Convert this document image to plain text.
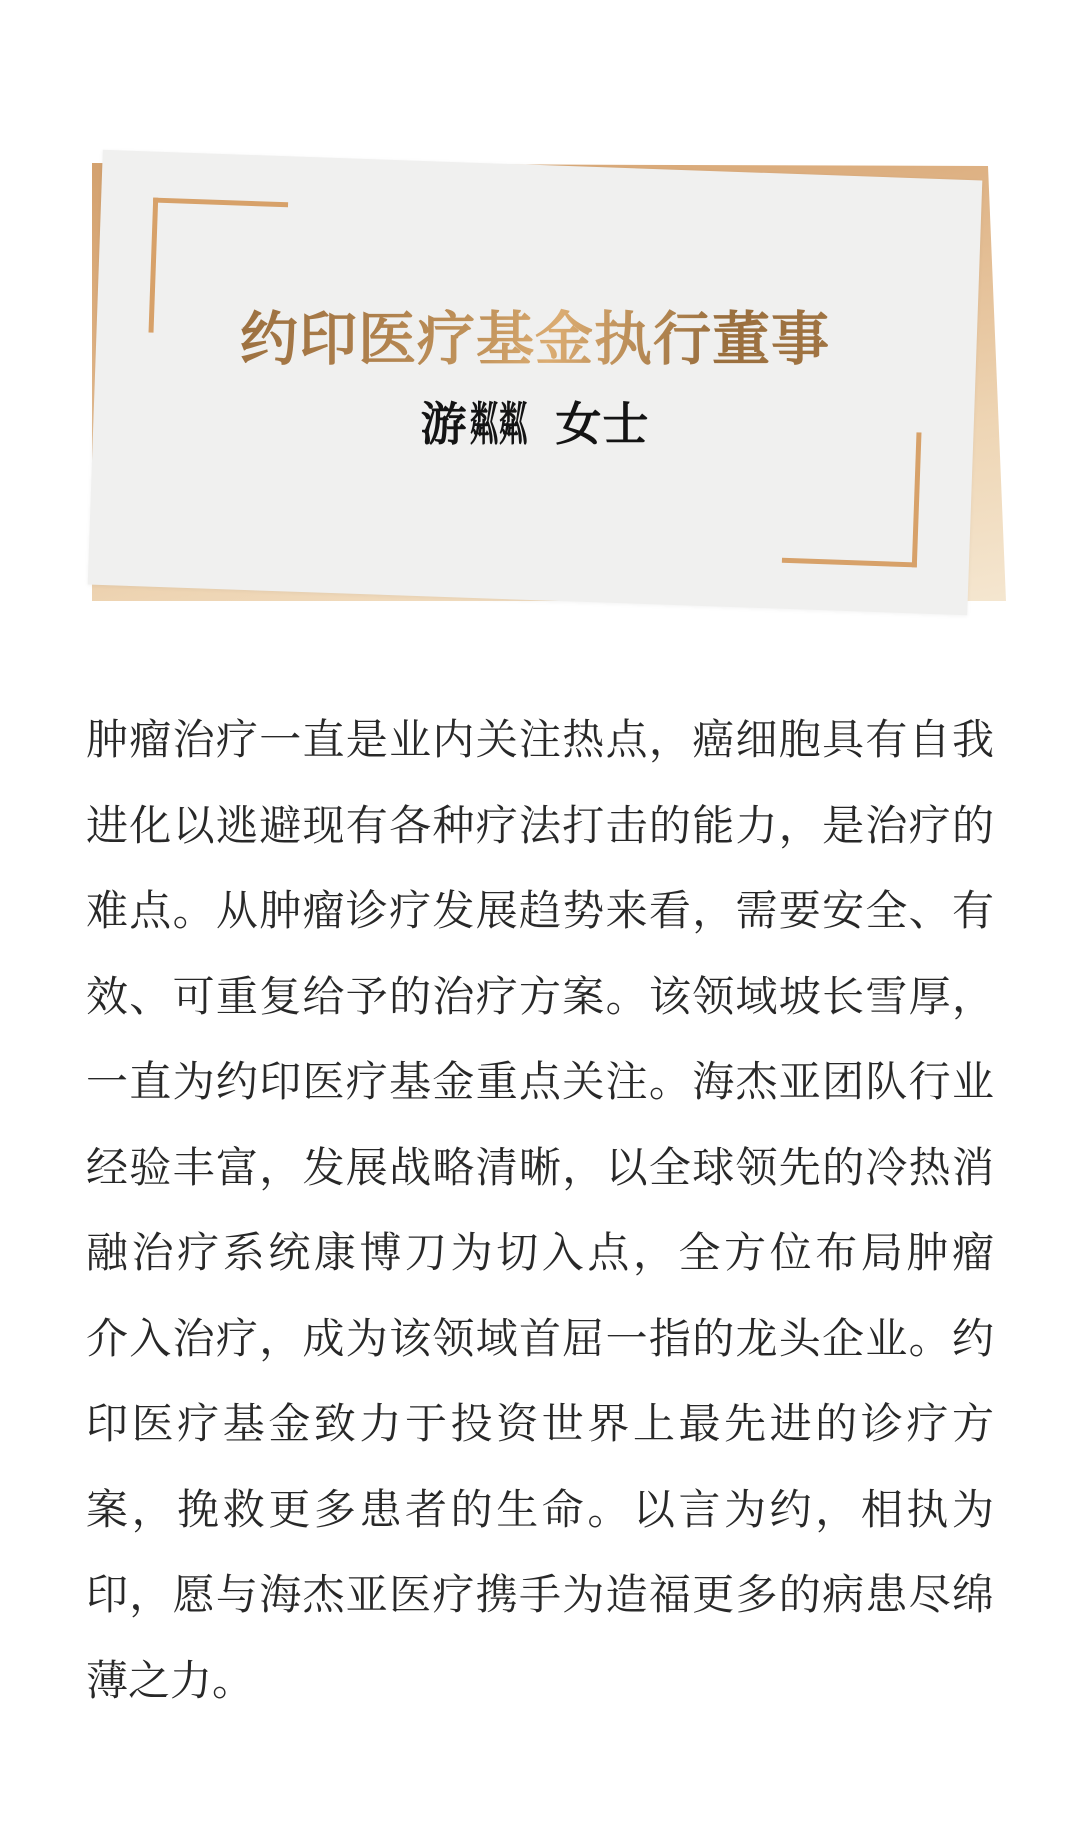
约印医疗基金执行董事
游粼粼 女士
肿瘤治疗一直是业内关注热点，癌细胞具有自我
进化以逃避现有各种疗法打击的能力，是治疗的
难点。从肿瘤诊疗发展趋势来看，需要安全、有
效、可重复给予的治疗方案。该领域坡长雪厚，
一直为约印医疗基金重点关注。海杰亚团队行业
经验丰富，发展战略清晰，以全球领先的冷热消
融治疗系统康博刀为切入点，全方位布局肿瘤
介入治疗，成为该领域首屈一指的龙头企业。约
印医疗基金致力于投资世界上最先进的诊疗方
案，挽救更多患者的生命。以言为约，相执为
印，愿与海杰亚医疗携手为造福更多的病患尽绵
薄之力。
